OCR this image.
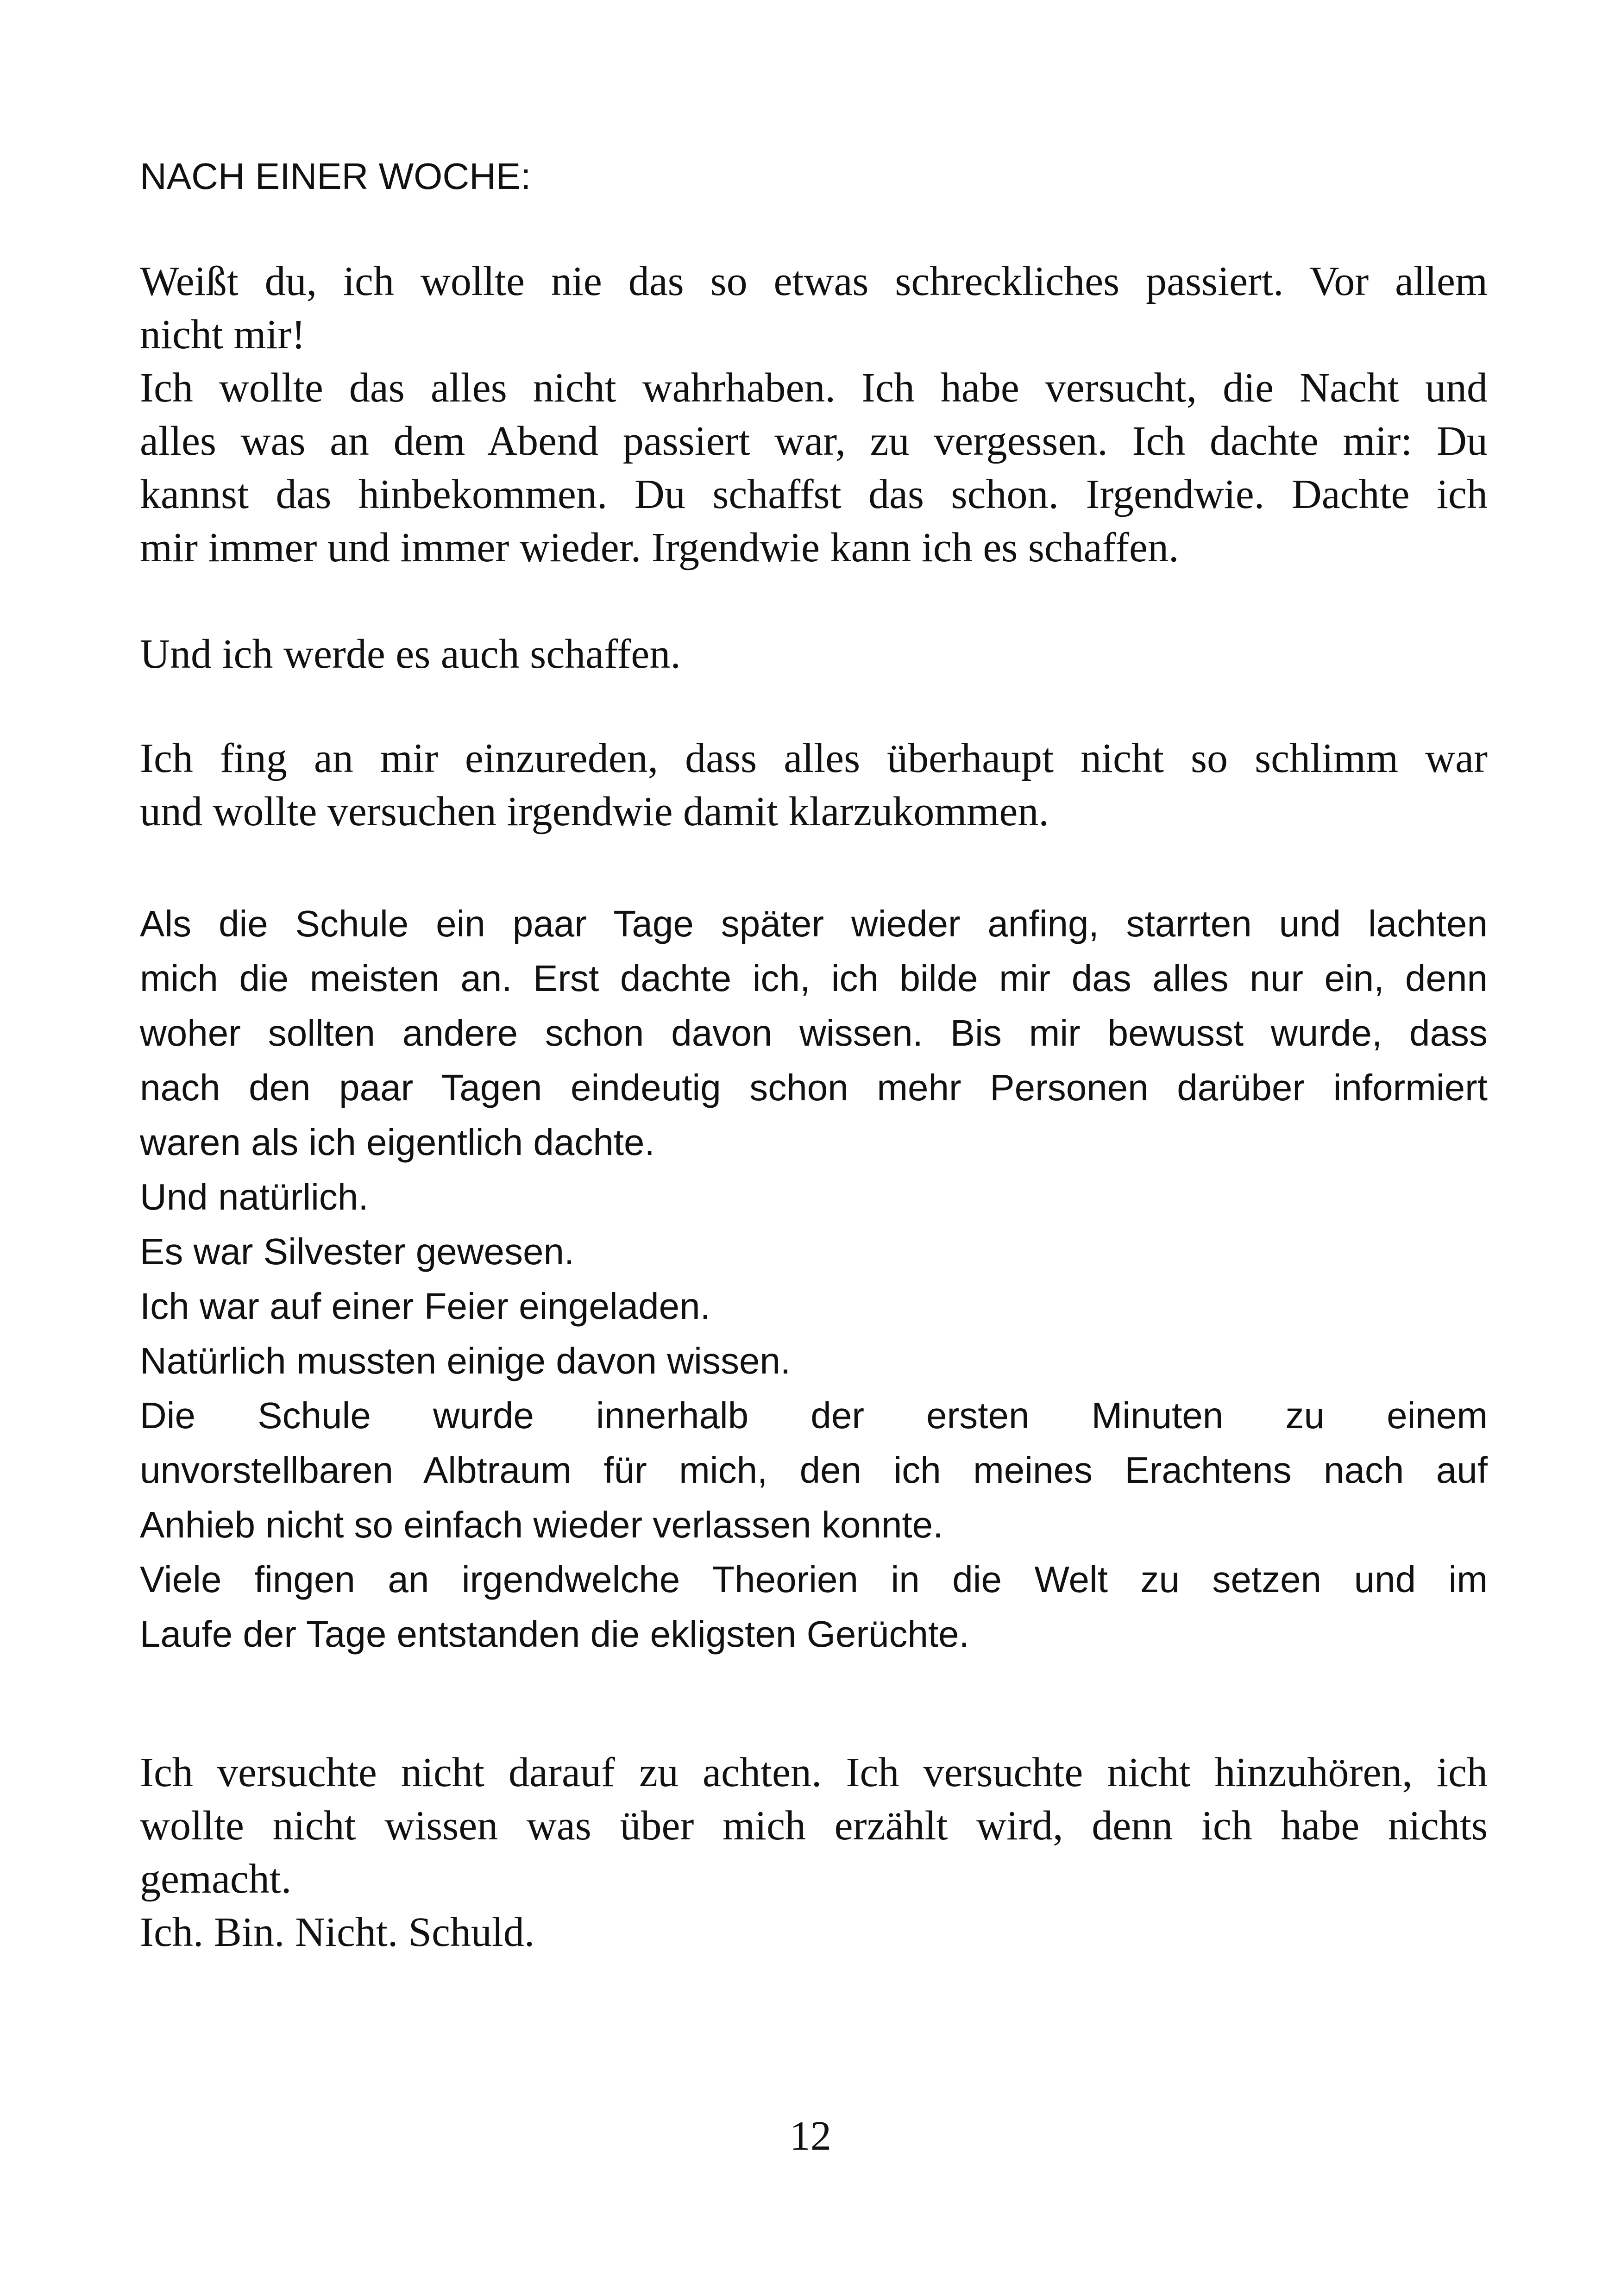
NACH EINER WOCHE:

Weißt du, ich wollte nie das so etwas schreckliches passiert. Vor allem
nicht mir!
Ich wollte das alles nicht wahrhaben. Ich habe versucht, die Nacht und
alles was an dem Abend passiert war, zu vergessen. Ich dachte mir: Du
kannst das hinbekommen. Du schaffst das schon. Irgendwie. Dachte ich
mir immer und immer wieder. Irgendwie kann ich es schaffen.

Und ich werde es auch schaffen.

Ich fing an mir einzureden, dass alles überhaupt nicht so schlimm war
und wollte versuchen irgendwie damit klarzukommen.

Als die Schule ein paar Tage später wieder anfing, starrten und lachten
mich die meisten an. Erst dachte ich, ich bilde mir das alles nur ein, denn
woher sollten andere schon davon wissen. Bis mir bewusst wurde, dass
nach den paar Tagen eindeutig schon mehr Personen darüber informiert
waren als ich eigentlich dachte.
Und natürlich.
Es war Silvester gewesen.
Ich war auf einer Feier eingeladen.
Natürlich mussten einige davon wissen.
Die Schule wurde innerhalb der ersten Minuten zu einem
unvorstellbaren Albtraum für mich, den ich meines Erachtens nach auf
Anhieb nicht so einfach wieder verlassen konnte.
Viele fingen an irgendwelche Theorien in die Welt zu setzen und im
Laufe der Tage entstanden die ekligsten Gerüchte.

Ich versuchte nicht darauf zu achten. Ich versuchte nicht hinzuhören, ich
wollte nicht wissen was über mich erzählt wird, denn ich habe nichts
gemacht.
Ich. Bin. Nicht. Schuld.

12
